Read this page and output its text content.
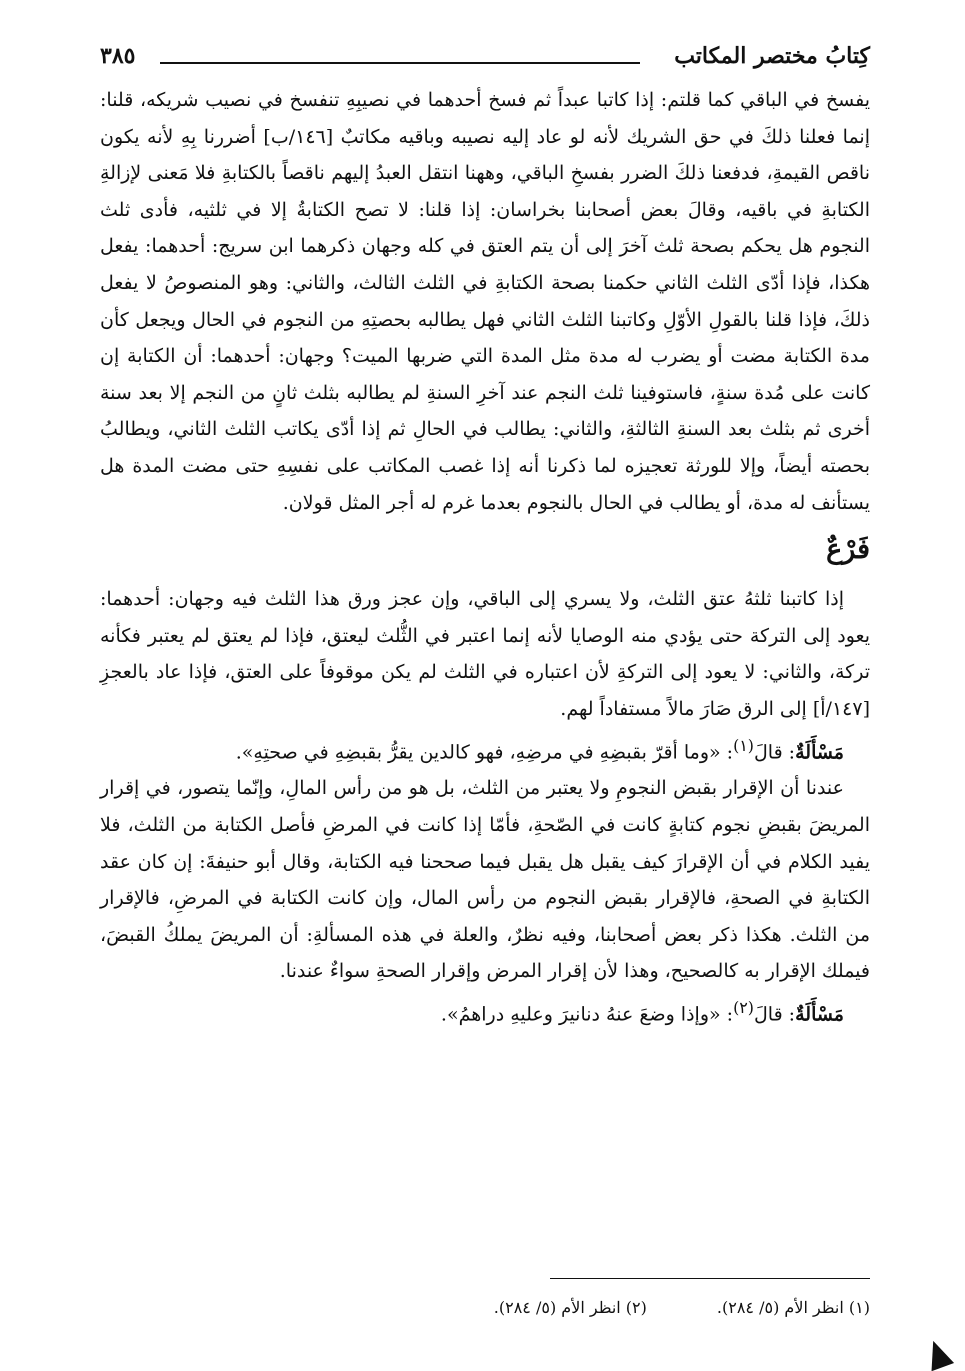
كِتابُ مختصر المكاتب
٣٨٥

يفسخ في الباقي كما قلتم: إذا كاتبا عبداً ثم فسخ أحدهما في نصيبِهِ تنفسخ في نصيب شريكه، قلنا: إنما فعلنا ذلكَ في حق الشريك لأنه لو عاد إليه نصيبه وباقيه مكاتبٌ [١٤٦/ب] أضررنا بِهِ لأنه يكون ناقص القيمةِ، فدفعنا ذلكَ الضرر بفسخِ الباقي، وههنا انتقل العبدُ إليهم ناقصاً بالكتابةِ فلا مَعنى لإزالةِ الكتابةِ في باقيه، وقالَ بعض أصحابنا بخراسان: إذا قلنا: لا تصح الكتابةُ إلا في ثلثيه، فأدى ثلث النجوم هل يحكم بصحة ثلث آخرَ إلى أن يتم العتق في كله وجهان ذكرهما ابن سريج: أحدهما: يفعل هكذا، فإذا أدّى الثلث الثاني حكمنا بصحة الكتابةِ في الثلث الثالث، والثاني: وهو المنصوصُ لا يفعل ذلكَ، فإذا قلنا بالقولِ الأوّلِ وكاتبنا الثلث الثاني فهل يطالبه بحصتِهِ من النجوم في الحال ويجعل كأن مدة الكتابة مضت أو يضرب له مدة مثل المدة التي ضربها الميت؟ وجهان: أحدهما: أن الكتابة إن كانت على مُدة سنةٍ، فاستوفينا ثلث النجم عند آخرِ السنةِ لم يطالبه بثلث ثانٍ من النجم إلا بعد سنة أخرى ثم بثلث بعد السنةِ الثالثةِ، والثاني: يطالب في الحالِ ثم إذا أدّى يكاتب الثلث الثاني، ويطالبُ بحصته أيضاً، وإلا للورثة تعجيزه لما ذكرنا أنه إذا غصب المكاتب على نفسِهِ حتى مضت المدة هل يستأنف له مدة، أو يطالب في الحال بالنجوم بعدما غرم له أجر المثل قولان.

فَرْعٌ

إذا كاتبنا ثلثهُ عتق الثلث، ولا يسري إلى الباقي، وإن عجز ورق هذا الثلث فيه وجهان: أحدهما: يعود إلى التركة حتى يؤدي منه الوصايا لأنه إنما اعتبر في الثُّلث ليعتق، فإذا لم يعتق لم يعتبر فكأنه تركة، والثاني: لا يعود إلى التركةِ لأن اعتباره في الثلث لم يكن موقوفاً على العتق، فإذا عاد بالعجزِ [١٤٧/أ] إلى الرق صَارَ مالاً مستفاداً لهم.

مَسْأَلَةٌ: قالَ$^{(١)}$: «وما أقرّ بقبضِهِ في مرضِهِ، فهو كالدين يقرُّ بقبضِهِ في صحتِهِ».

عندنا أن الإقرار بقبض النجومِ ولا يعتبر من الثلث، بل هو من رأس المالِ، وإنّما يتصور، في إقرار المريضَ بقبضِ نجوم كتابةٍ كانت في الصّحةِ، فأمّا إذا كانت في المرضِ فأصل الكتابة من الثلث، فلا يفيد الكلام في أن الإقرارَ كيف يقبل هل يقبل فيما صححنا فيه الكتابة، وقال أبو حنيفةَ: إن كان عقد الكتابةِ في الصحةِ، فالإقرار بقبض النجوم من رأس المال، وإن كانت الكتابة في المرضِ، فالإقرار من الثلث. هكذا ذكر بعض أصحابنا، وفيه نظرٌ، والعلة في هذه المسألةِ: أن المريضَ يملكُ القبضَ، فيملك الإقرار به كالصحيح، وهذا لأن إقرار المرض وإقرار الصحةِ سواءٌ عندنا.

مَسْأَلَةٌ: قالَ$^{(٢)}$: «وإذا وضعَ عنهُ دنانيرَ وعليهِ دراهمُ».

(١) انظر الأم (٥/ ٢٨٤).
(٢) انظر الأم (٥/ ٢٨٤).
